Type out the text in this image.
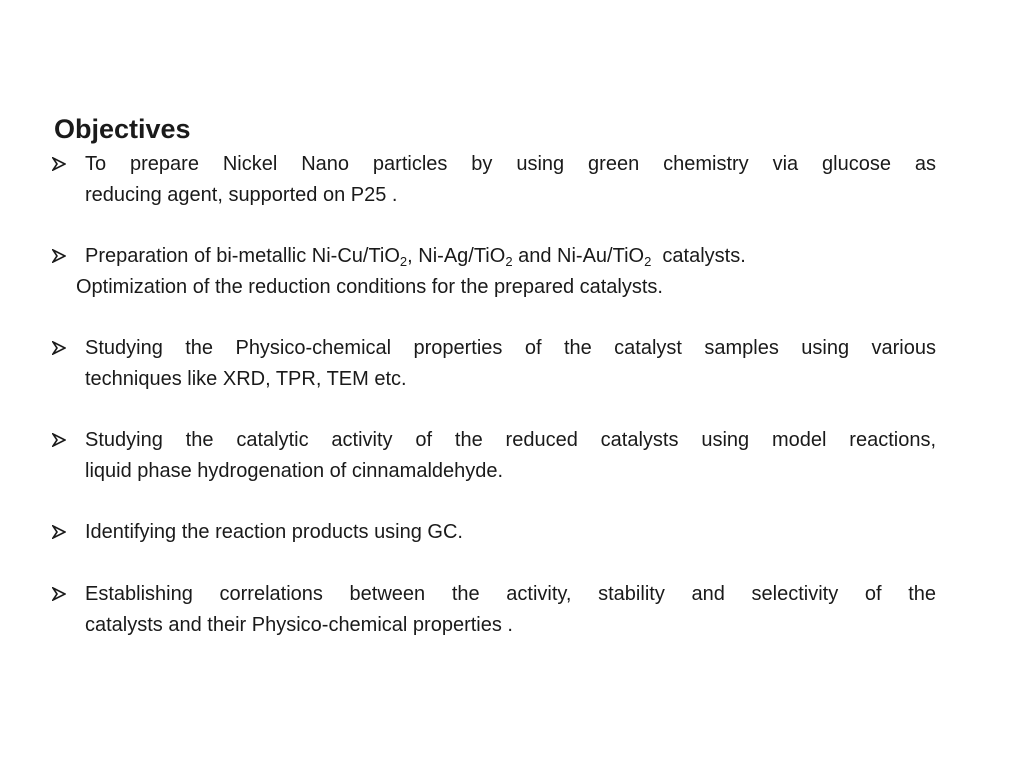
Objectives
To prepare Nickel Nano particles by using green chemistry via glucose as
reducing agent, supported on P25 .
Preparation of bi-metallic Ni-Cu/TiO$_2$, Ni-Ag/TiO$_2$ and Ni-Au/TiO$_2$  catalysts.
Optimization of the reduction conditions for the prepared catalysts.
Studying the Physico-chemical properties of the catalyst samples using various
techniques like XRD, TPR, TEM etc.
Studying the catalytic activity of the reduced catalysts using model reactions,
liquid phase hydrogenation of cinnamaldehyde.
Identifying the reaction products using GC.
Establishing correlations between the activity, stability and selectivity of the
catalysts and their Physico-chemical properties .
